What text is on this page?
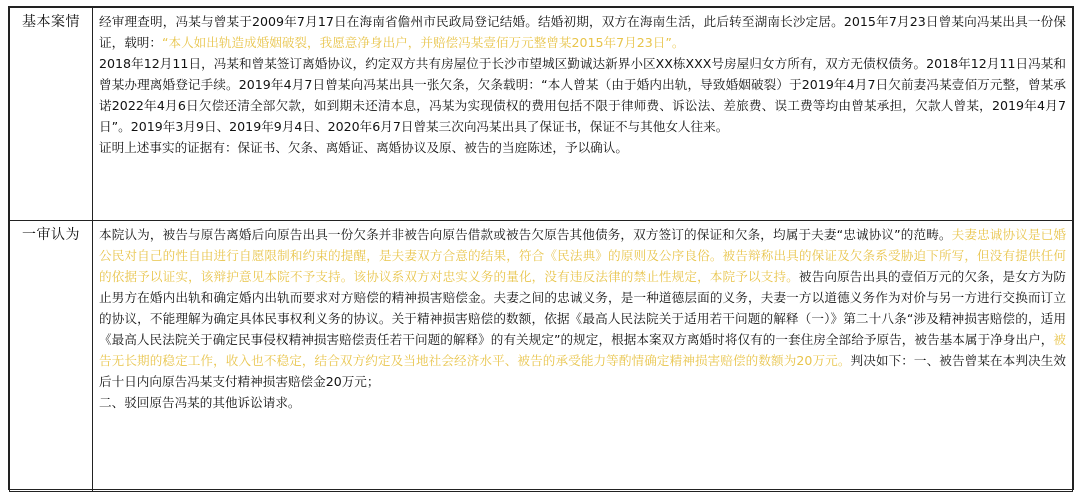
基本案情	经审理查明，冯某与曾某于2009年7月17日在海南省儋州市民政局登记结婚。结婚初期，双方在海南生活，此后转至湖南长沙定居。2015年7月23日曾某向冯某出具一份保证，载明：“本人如出轨造成婚姻破裂，我愿意净身出户，并赔偿冯某壹佰万元整曾某2015年7月23日”。

2018年12月11日，冯某和曾某签订离婚协议，约定双方共有房屋位于长沙市望城区勤诚达新界小区XX栋XXX号房屋归女方所有，双方无债权债务。2018年12月11日冯某和曾某办理离婚登记手续。2019年4月7日曾某向冯某出具一张欠条，欠条载明：“本人曾某（由于婚内出轨，导致婚姻破裂）于2019年4月7日欠前妻冯某壹佰万元整，曾某承诺2022年4月6日欠偿还清全部欠款，如到期未还清本息，冯某为实现债权的费用包括不限于律师费、诉讼法、差旅费、误工费等均由曾某承担，欠款人曾某，2019年4月7日”。2019年3月9日、2019年9月4日、2020年6月7日曾某三次向冯某出具了保证书，保证不与其他女人往来。

证明上述事实的证据有：保证书、欠条、离婚证、离婚协议及原、被告的当庭陈述，予以确认。

一审认为	本院认为，被告与原告离婚后向原告出具一份欠条并非被告向原告借款或被告欠原告其他债务，双方签订的保证和欠条，均属于夫妻“忠诚协议”的范畴。夫妻忠诚协议是已婚公民对自己的性自由进行自愿限制和约束的提醒，是夫妻双方合意的结果，符合《民法典》的原则及公序良俗。被告辩称出具的保证及欠条系受胁迫下所写，但没有提供任何的依据予以证实，该辩护意见本院不予支持。该协议系双方对忠实义务的量化，没有违反法律的禁止性规定，本院予以支持。被告向原告出具的壹佰万元的欠条，是女方为防止男方在婚内出轨和确定婚内出轨而要求对方赔偿的精神损害赔偿金。夫妻之间的忠诚义务，是一种道德层面的义务，夫妻一方以道德义务作为对价与另一方进行交换而订立的协议，不能理解为确定具体民事权利义务的协议。关于精神损害赔偿的数额，依据《最高人民法院关于适用若干问题的解释（一）》第二十八条“涉及精神损害赔偿的，适用《最高人民法院关于确定民事侵权精神损害赔偿责任若干问题的解释》的有关规定”的规定，根据本案双方离婚时将仅有的一套住房全部给予原告，被告基本属于净身出户，被告无长期的稳定工作，收入也不稳定，结合双方约定及当地社会经济水平、被告的承受能力等酌情确定精神损害赔偿的数额为20万元。判决如下：一、被告曾某在本判决生效后十日内向原告冯某支付精神损害赔偿金20万元；

二、驳回原告冯某的其他诉讼请求。
